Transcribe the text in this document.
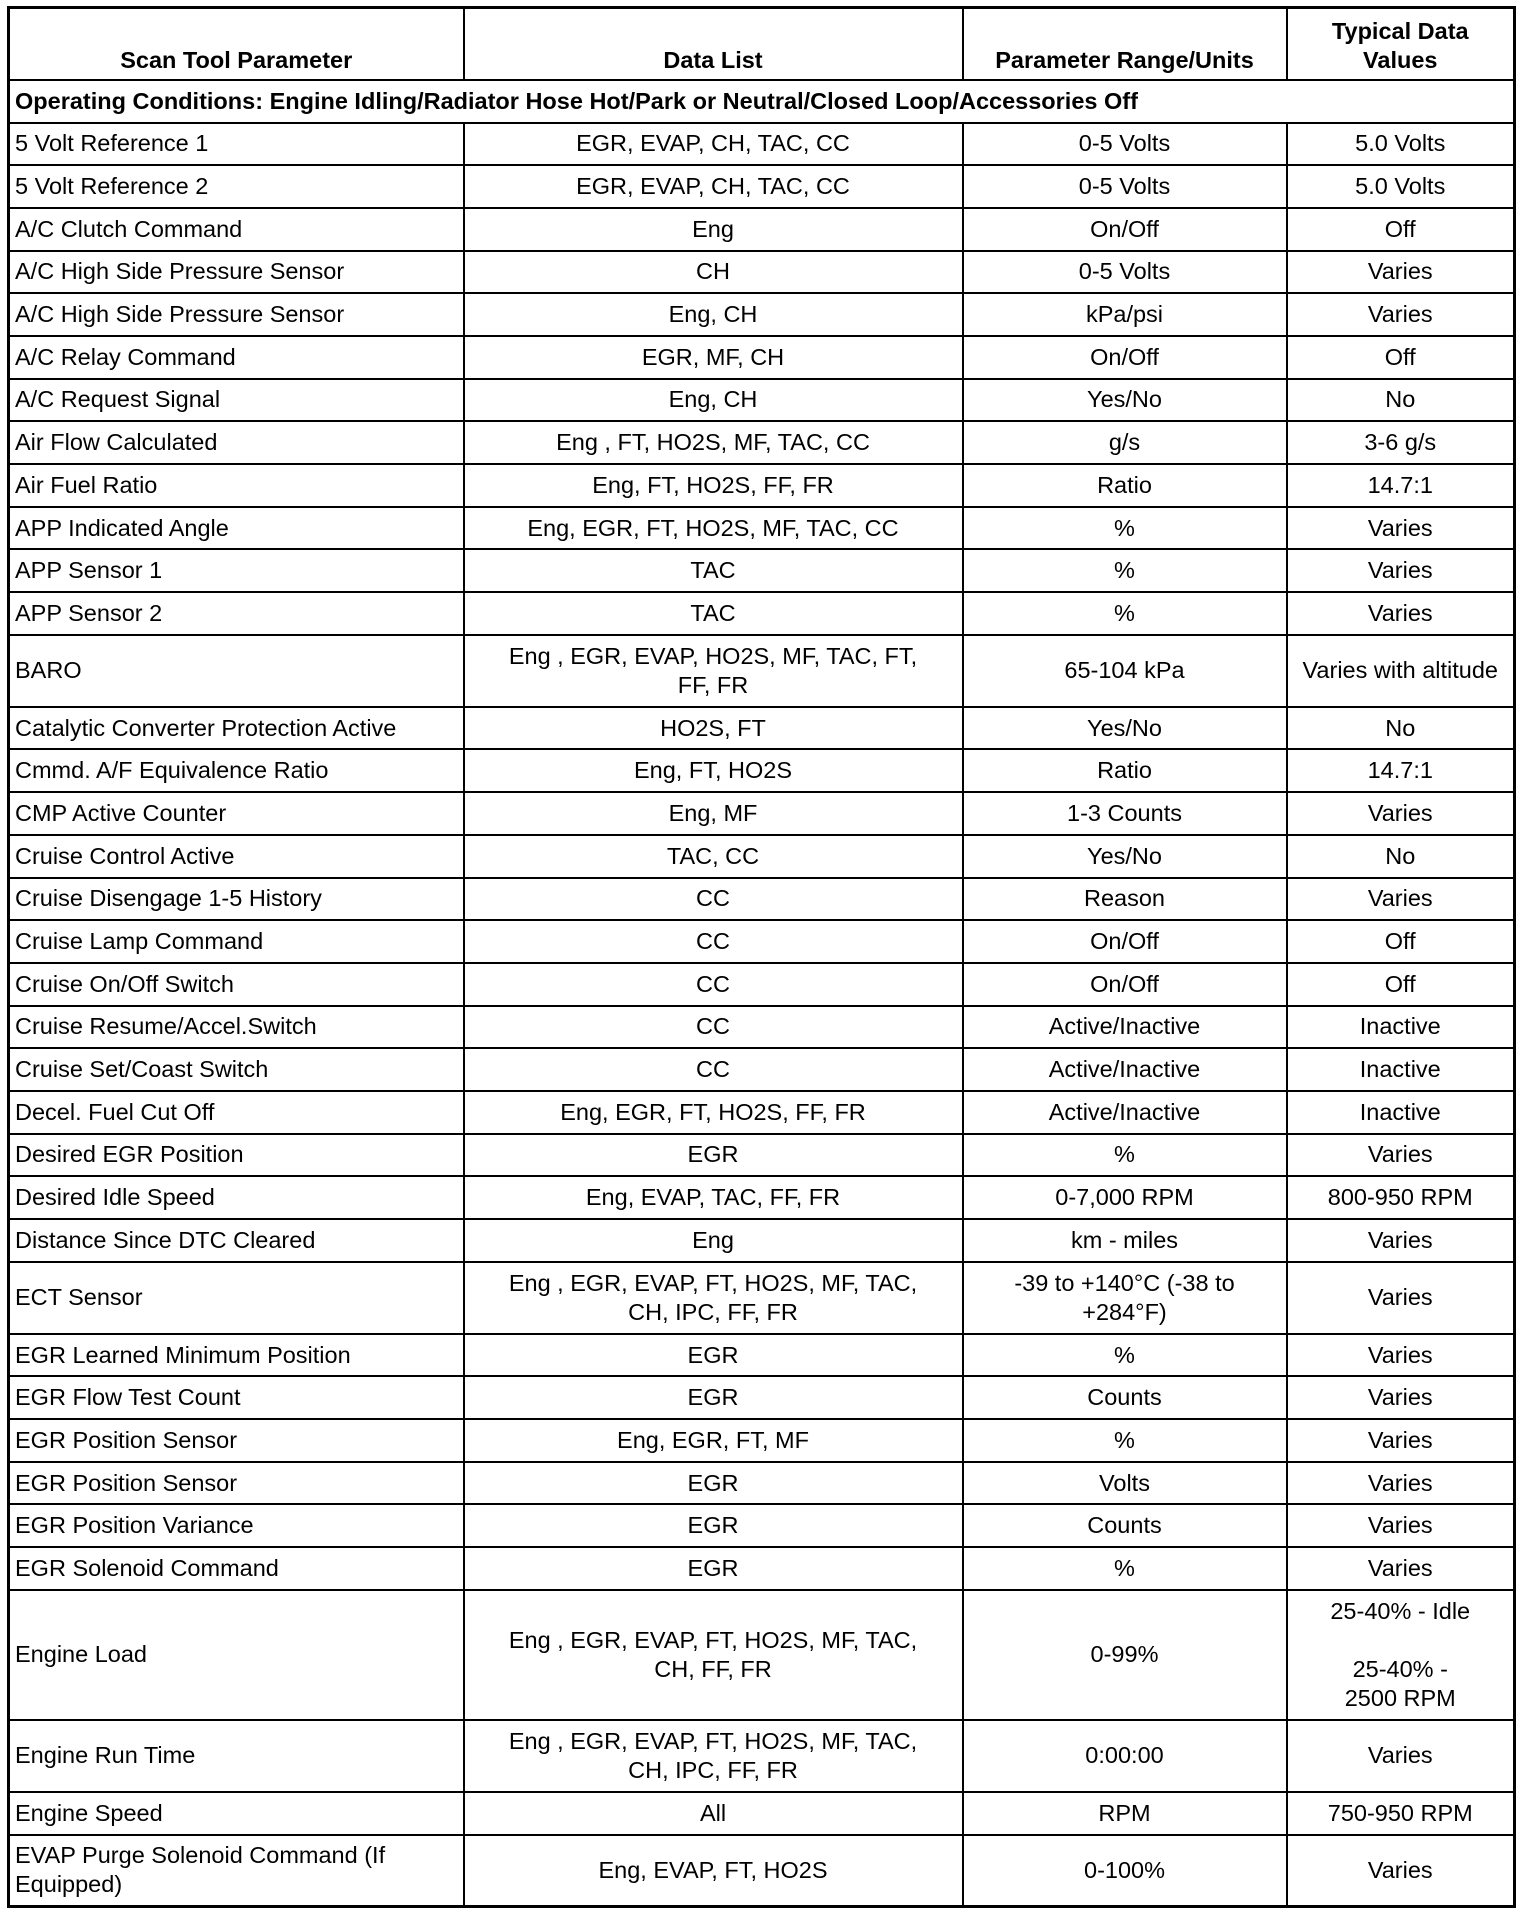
Scan Tool Parameter	Data List	Parameter Range/Units	Typical Data
Values
Operating Conditions: Engine Idling/Radiator Hose Hot/Park or Neutral/Closed Loop/Accessories Off			
5 Volt Reference 1	EGR, EVAP, CH, TAC, CC	0-5 Volts	5.0 Volts
5 Volt Reference 2	EGR, EVAP, CH, TAC, CC	0-5 Volts	5.0 Volts
A/C Clutch Command	Eng	On/Off	Off
A/C High Side Pressure Sensor	CH	0-5 Volts	Varies
A/C High Side Pressure Sensor	Eng, CH	kPa/psi	Varies
A/C Relay Command	EGR, MF, CH	On/Off	Off
A/C Request Signal	Eng, CH	Yes/No	No
Air Flow Calculated	Eng , FT, HO2S, MF, TAC, CC	g/s	3-6 g/s
Air Fuel Ratio	Eng, FT, HO2S, FF, FR	Ratio	14.7:1
APP Indicated Angle	Eng, EGR, FT, HO2S, MF, TAC, CC	%	Varies
APP Sensor 1	TAC	%	Varies
APP Sensor 2	TAC	%	Varies
BARO	Eng , EGR, EVAP, HO2S, MF, TAC, FT,
FF, FR	65-104 kPa	Varies with altitude
Catalytic Converter Protection Active	HO2S, FT	Yes/No	No
Cmmd. A/F Equivalence Ratio	Eng, FT, HO2S	Ratio	14.7:1
CMP Active Counter	Eng, MF	1-3 Counts	Varies
Cruise Control Active	TAC, CC	Yes/No	No
Cruise Disengage 1-5 History	CC	Reason	Varies
Cruise Lamp Command	CC	On/Off	Off
Cruise On/Off Switch	CC	On/Off	Off
Cruise Resume/Accel.Switch	CC	Active/Inactive	Inactive
Cruise Set/Coast Switch	CC	Active/Inactive	Inactive
Decel. Fuel Cut Off	Eng, EGR, FT, HO2S, FF, FR	Active/Inactive	Inactive
Desired EGR Position	EGR	%	Varies
Desired Idle Speed	Eng, EVAP, TAC, FF, FR	0-7,000 RPM	800-950 RPM
Distance Since DTC Cleared	Eng	km - miles	Varies
ECT Sensor	Eng , EGR, EVAP, FT, HO2S, MF, TAC,
CH, IPC, FF, FR	-39 to +140°C (-38 to
+284°F)	Varies
EGR Learned Minimum Position	EGR	%	Varies
EGR Flow Test Count	EGR	Counts	Varies
EGR Position Sensor	Eng, EGR, FT, MF	%	Varies
EGR Position Sensor	EGR	Volts	Varies
EGR Position Variance	EGR	Counts	Varies
EGR Solenoid Command	EGR	%	Varies
Engine Load	Eng , EGR, EVAP, FT, HO2S, MF, TAC,
CH, FF, FR	0-99%	25-40% - Idle

25-40% -
2500 RPM
Engine Run Time	Eng , EGR, EVAP, FT, HO2S, MF, TAC,
CH, IPC, FF, FR	0:00:00	Varies
Engine Speed	All	RPM	750-950 RPM
EVAP Purge Solenoid Command (If
Equipped)	Eng, EVAP, FT, HO2S	0-100%	Varies
